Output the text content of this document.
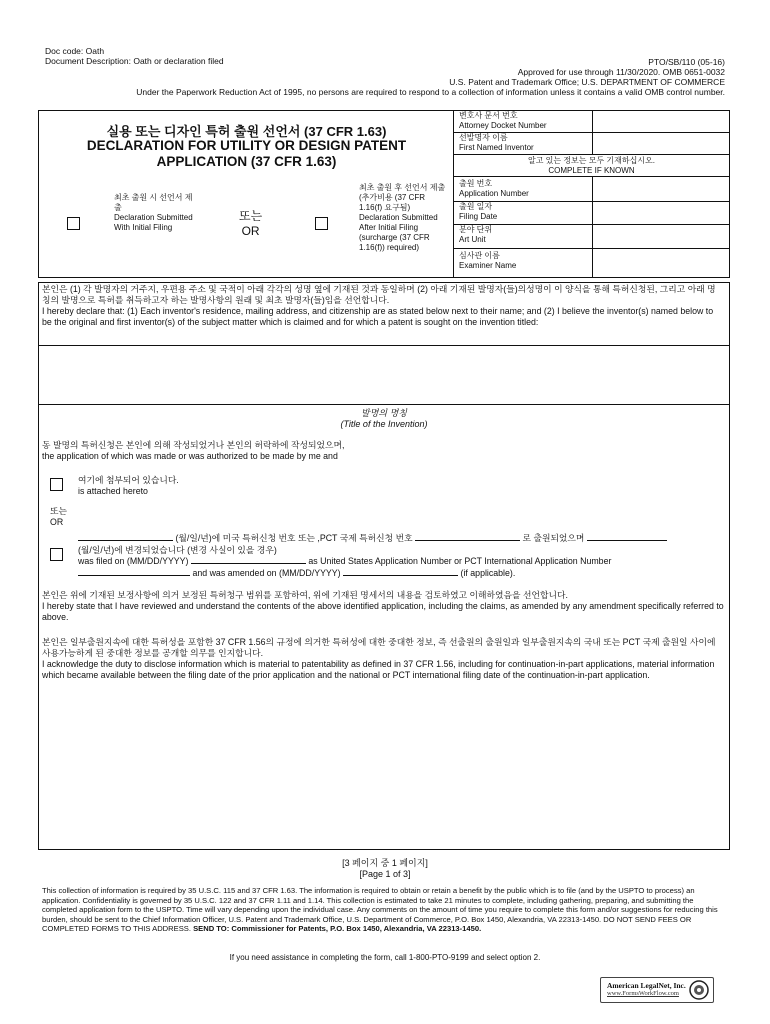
Doc code: Oath
Document Description: Oath or declaration filed	PTO/SB/110 (05-16)
Approved for use through 11/30/2020. OMB 0651-0032
U.S. Patent and Trademark Office; U.S. DEPARTMENT OF COMMERCE
Under the Paperwork Reduction Act of 1995, no persons are required to respond to a collection of information unless it contains a valid OMB control number.
실용 또는 디자인 특허 출원 선언서 (37 CFR 1.63)
DECLARATION FOR UTILITY OR DESIGN PATENT
APPLICATION (37 CFR 1.63)
최초 출원 시 선언서 제출
Declaration Submitted With Initial Filing
또는
OR
최초 출원 후 선언서 제출 (추가비용 (37 CFR 1.16(f) 요구됨)
Declaration Submitted After Initial Filing (surcharge (37 CFR 1.16(f)) required)
변호사 문서 번호
Attorney Docket Number
선발명자 이름
First Named Inventor
알고 있는 정보는 모두 기재하십시오.
COMPLETE IF KNOWN
출원 번호
Application Number
출원 일자
Filing Date
분야 단위
Art Unit
심사관 이름
Examiner Name
본인은 (1) 각 발명자의 거주지, 우편용 주소 및 국적이 아래 각각의 성명 옆에 기재된 것과 동일하며 (2) 아래 기재된 발명자(들)의성명이 이 양식을 통해 특허신청된, 그리고 아래 명칭의 발명으로 특허를 취득하고자 하는 발명사항의 원래 및 최초 발명자(들)임을 선언합니다.
I hereby declare that: (1) Each inventor's residence, mailing address, and citizenship are as stated below next to their name; and (2) I believe the inventor(s) named below to be the original and first inventor(s) of the subject matter which is claimed and for which a patent is sought on the invention titled:
발명의 명칭
(Title of the Invention)
동 발명의 특허신청은 본인에 의해 작성되었거나 본인의 허락하에 작성되었으며,
the application of which was made or was authorized to be made by me and
여기에 첨부되어 있습니다.
is attached hereto
또는
OR
(월/일/년)에 미국 특허신청 번호 또는 ,PCT 국제 특허신청 번호	로 출원되었으며
(월/일/년)에 변경되었습니다 (변경 사실이 있을 경우)
was filed on (MM/DD/YYYY)	as United States Application Number or PCT International Application Number
and was amended on (MM/DD/YYYY)	(if applicable).
본인은 위에 기재된 보정사항에 의거 보정된 특허청구 범위를 포함하여, 위에 기재된 명세서의 내용을 검토하였고 이해하였음을 선언합니다.
I hereby state that I have reviewed and understand the contents of the above identified application, including the claims, as amended by any amendment specifically referred to above.
본인은 일부출원지속에 대한 특허성을 포함한 37 CFR 1.56의 규정에 의거한 특허성에 대한 중대한 정보, 즉 선출원의 출원일과 일부출원지속의 국내 또는 PCT 국제 출원일 사이에 사용가능하게 된 중대한 정보를 공개할 의무를 인지합니다.
I acknowledge the duty to disclose information which is material to patentability as defined in 37 CFR 1.56, including for continuation-in-part applications, material information which became available between the filing date of the prior application and the national or PCT international filing date of the continuation-in-part application.
[3 페이지 중 1 페이지]
[Page 1 of 3]
This collection of information is required by 35 U.S.C. 115 and 37 CFR 1.63. The information is required to obtain or retain a benefit by the public which is to file (and by the USPTO to process) an application. Confidentiality is governed by 35 U.S.C. 122 and 37 CFR 1.11 and 1.14. This collection is estimated to take 21 minutes to complete, including gathering, preparing, and submitting the completed application form to the USPTO. Time will vary depending upon the individual case. Any comments on the amount of time you require to complete this form and/or suggestions for reducing this burden, should be sent to the Chief Information Officer, U.S. Patent and Trademark Office, U.S. Department of Commerce, P.O. Box 1450, Alexandria, VA 22313-1450. DO NOT SEND FEES OR COMPLETED FORMS TO THIS ADDRESS. SEND TO: Commissioner for Patents, P.O. Box 1450, Alexandria, VA 22313-1450.
If you need assistance in completing the form, call 1-800-PTO-9199 and select option 2.
American LegalNet, Inc.
www.FormsWorkFlow.com
